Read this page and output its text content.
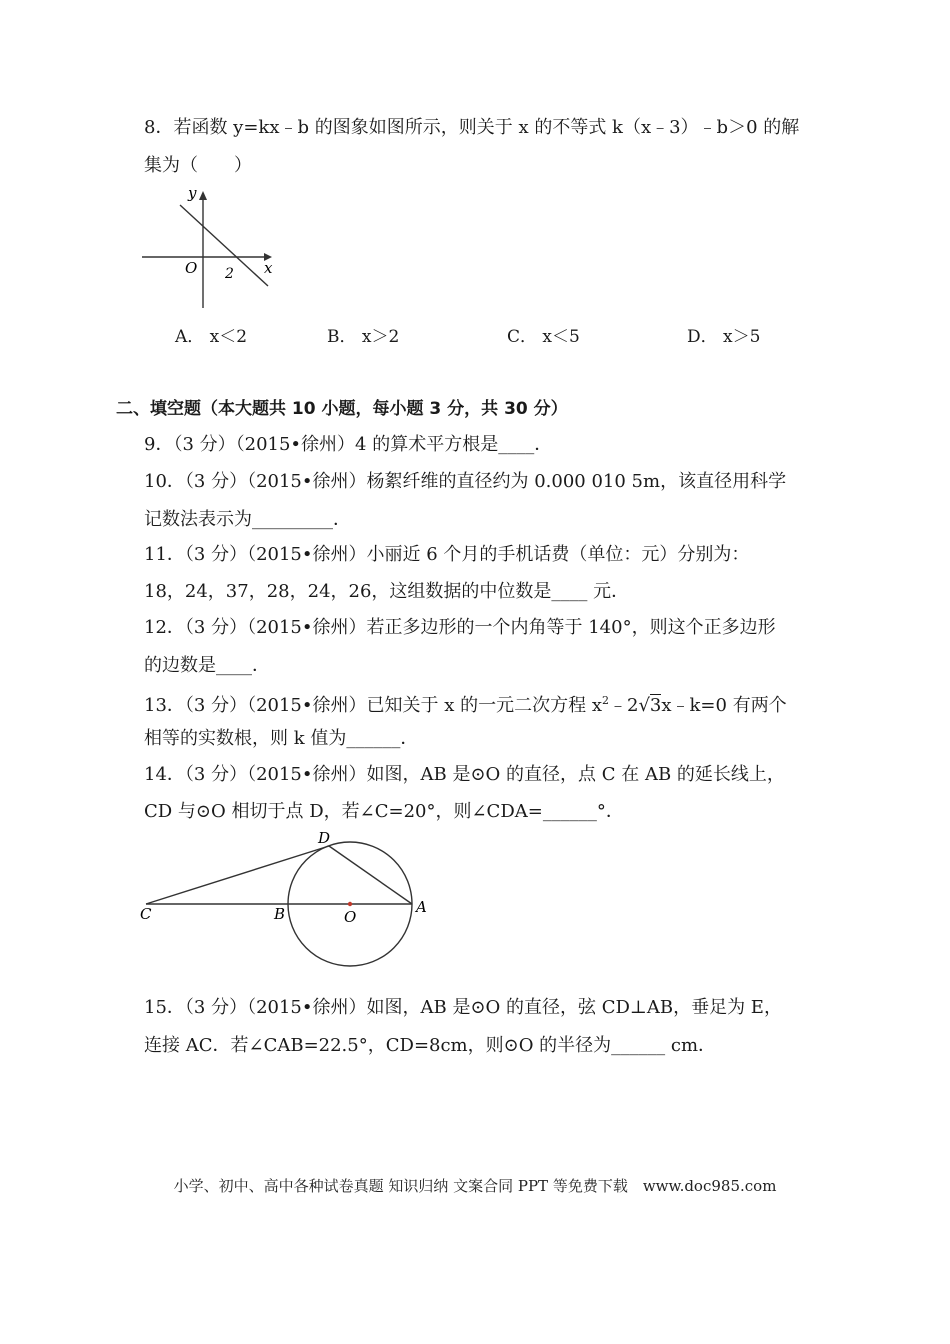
8．若函数 y=kx﹣b 的图象如图所示，则关于 x 的不等式 k（x﹣3）﹣b＞0 的解
集为（　　）
y
O	x
2
A． x＜2	B． x＞2	C． x＜5	D． x＞5
二、填空题（本大题共 10 小题，每小题 3 分，共 30 分）
9．（3 分）（2015•徐州）4 的算术平方根是____．
10．（3 分）（2015•徐州）杨絮纤维的直径约为 0.000 010 5m，该直径用科学
记数法表示为_________．
11．（3 分）（2015•徐州）小丽近 6 个月的手机话费（单位：元）分别为：
18，24，37，28，24，26，这组数据的中位数是____ 元．
12．（3 分）（2015•徐州）若正多边形的一个内角等于 140°，则这个正多边形
的边数是____．
13．（3 分）（2015•徐州）已知关于 x 的一元二次方程 $x^2﹣2√3x﹣k=0$ 有两个
相等的实数根，则 k 值为______．
14．（3 分）（2015•徐州）如图，AB 是⊙O 的直径，点 C 在 AB 的延长线上，
CD 与⊙O 相切于点 D，若∠C=20°，则∠CDA=______°．
C	B	O
A
D
15．（3 分）（2015•徐州）如图，AB 是⊙O 的直径，弦 CD⊥AB，垂足为 E，
连接 AC．若∠CAB=22.5°，CD=8cm，则⊙O 的半径为______ cm．
小学、初中、高中各种试卷真题 知识归纳 文案合同 PPT 等免费下载　www.doc985.com
